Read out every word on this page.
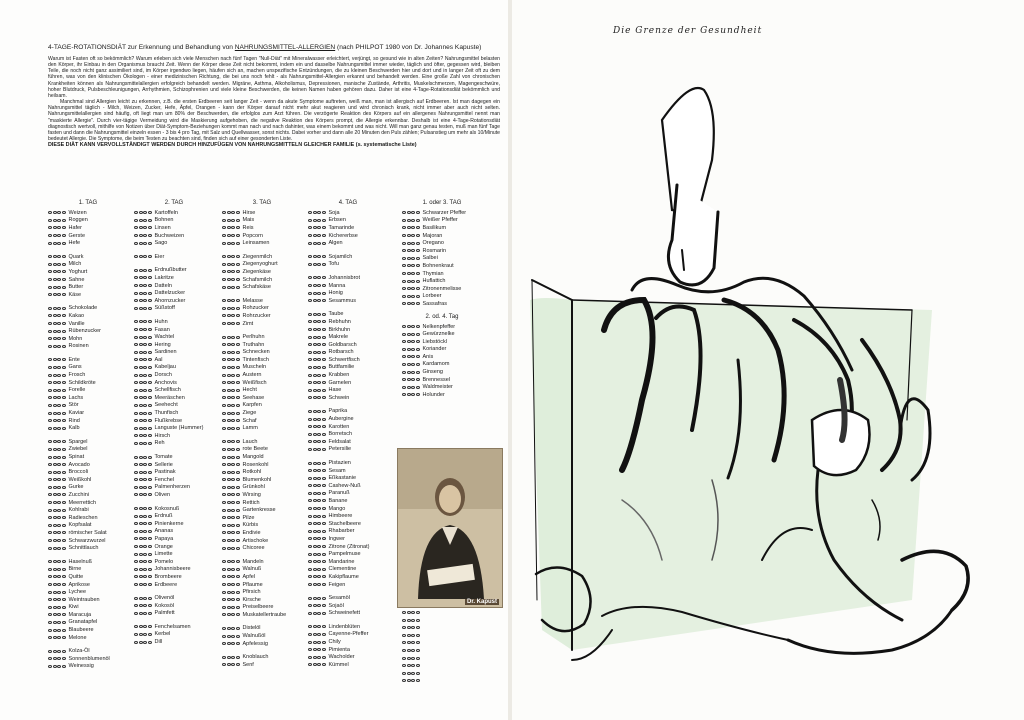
4-TAGE-ROTATIONSDIÄT zur Erkennung und Behandlung von NAHRUNGSMITTEL-ALLERGIEN (nach PHILPOT 1980 von Dr. Johannes Kapuste)

Warum ist Fasten oft so bekömmlich? Warum erleben sich viele Menschen nach fünf Tagen "Null-Diät" mit Mineralwasser erleichtert, verjüngt, so gesund wie in alten Zeiten? Nahrungsmittel belasten den Körper, ihr Einbau in den Organismus braucht Zeit. Wenn der Körper diese Zeit nicht bekommt, indem ein und dasselbe Nahrungsmittel immer wieder, täglich und öfter, gegessen wird, bleiben Teile, die noch nicht ganz assimiliert sind, im Körper irgendwo liegen, häufen sich an, machen unspezifische Entzündungen, die zu kleinen Beschwerden hier und dort und in langer Zeit oft zu dem führen, was von den klinischen Ökologen - einer medizinischen Richtung, die bei uns noch fehlt - als Nahrungsmittel-Allergien erkannt und behandelt werden. Eine große Zahl von chronischen Krankheiten können als Nahrungsmittelallergien erfolgreich behandelt werden. Migräne, Asthma, Alkoholismus, Depressionen, manische Zustände, Arthritis, Muskelschmerzen, Magengeschwüre, hoher Blutdruck, Pulsbeschleunigungen, Arrhythmien, Schizophrenien und viele kleine Beschwerden, die keinen Namen haben gehören dazu. Daher ist eine 4-Tage-Rotationsdiät bekömmlich und heilsam.

Manchmal sind Allergien leicht zu erkennen, z.B. die ersten Erdbeeren seit langer Zeit - wenn da akute Symptome auftreten, weiß man, man ist allergisch auf Erdbeeren. Ist man dagegen ein Nahrungsmittel täglich - Milch, Weizen, Zucker, Hefe, Äpfel, Orangen - kann der Körper darauf nicht mehr akut reagieren und wird chronisch krank, nicht immer aber auch nicht selten. Nahrungsmittelallergien sind häufig, oft liegt man um 80% der Beschwerden, die erfolglos zum Arzt führen. Die verzögerte Reaktion des Körpers auf ein allergenes Nahrungsmittel nennt man "maskierte Allergie". Durch vier-tägige Vermeidung wird die Maskierung aufgehoben, die negative Reaktion des Körpers prompt, die Allergie erkennbar. Deshalb ist eine 4-Tage-Rotationsdiät diagnostisch wertvoll, mithilfe von Notizen über Diät-Symptom-Beziehungen kommt man nach und nach dahinter, was einem bekommt und was nicht. Will man ganz genau testen, muß man fünf Tage fasten und dann die Nahrungsmittel einzeln essen - 3 bis 4 pro Tag, mit Salz und Quellwasser, sonst nichts. Dabei vorher und dann alle 20 Minuten den Puls zählen; Pulsanstieg um mehr als 10/Minute bedeutet Allergie. Die Symptome, die beim Testen zu beachten sind, finden sich auf einer gesonderten Liste.

DIESE DIÄT KANN VERVOLLSTÄNDIGT WERDEN DURCH HINZUFÜGEN VON NAHRUNGSMITTELN GLEICHER FAMILIE (s. systematische Liste)

1. TAG
Weizen
Roggen
Hafer
Gerste
Hefe
Quark
Milch
Yoghurt
Sahne
Butter
Käse
Schokolade
Kakao
Vanille
Rübenzucker
Mohn
Rosinen
Ente
Gans
Frosch
Schildkröte
Forelle
Lachs
Stör
Kaviar
Rind
Kalb
Spargel
Zwiebel
Spinat
Avocado
Broccoli
Weißkohl
Gurke
Zucchini
Meerrettich
Kohlrabi
Radieschen
Kopfsalat
römischer Salat
Schwarzwurzel
Schnittlauch
Haselnuß
Birne
Quitte
Aprikose
Lychee
Weintrauben
Kiwi
Maracuja
Granatapfel
Blaubeere
Melone
Kolza-Öl
Sonnenblumenöl
Weinessig
2. TAG
Kartoffeln
Bohnen
Linsen
Buchweizen
Sago
Eier
Erdnußbutter
Lakritze
Datteln
Dattelzucker
Ahornzucker
Süßstoff
Huhn
Fasan
Wachtel
Hering
Sardinen
Aal
Kabeljau
Dorsch
Anchovis
Schellfisch
Meeräschen
Seehecht
Thunfisch
Flußkrebse
Languste (Hummer)
Hirsch
Reh
Tomate
Sellerie
Pastinak
Fenchel
Palmenherzen
Oliven
Kokosnuß
Erdnuß
Pinienkerne
Ananas
Papaya
Orange
Limette
Pomelo
Johannisbeere
Brombeere
Erdbeere
Olivenöl
Kokosöl
Palmfett
Fenchelsamen
Kerbel
Dill
3. TAG
Hirse
Mais
Reis
Popcorn
Leinsamen
Ziegenmilch
Ziegenyoghurt
Ziegenkäse
Schafsmilch
Schafskäse
Melasse
Rohzucker
Rohrzucker
Zimt
Perlhuhn
Truthahn
Schnecken
Tintenfisch
Muscheln
Austern
Weißfisch
Hecht
Seehase
Karpfen
Ziege
Schaf
Lamm
Lauch
rote Beete
Mangold
Rosenkohl
Rotkohl
Blumenkohl
Grünkohl
Wirsing
Rettich
Gartenkresse
Pilze
Kürbis
Endivie
Artischoke
Chicoree
Mandeln
Walnuß
Apfel
Pflaume
Pfirsich
Kirsche
Preiselbeere
Muskatellertraube
Distelöl
Walnußöl
Apfelessig
Knoblauch
Senf
4. TAG
Soja
Erbsen
Tamarinde
Kichererbse
Algen
Sojamilch
Tofu
Johannisbrot
Manna
Honig
Sesammus
Taube
Rebhuhn
Birkhuhn
Makrele
Goldbarsch
Rotbarsch
Schwertfisch
Buttfamilie
Krabben
Garnelen
Hase
Schwein
Paprika
Aubergine
Karotten
Borretsch
Feldsalat
Petersilie
Pistazien
Sesam
Eßkastanie
Cashew-Nuß
Paranuß
Banane
Mango
Himbeere
Stachelbeere
Rhabarber
Ingwer
Zitrone (Zitronat)
Pampelmuse
Mandarine
Clementine
Kakipflaume
Feigen
Sesamöl
Sojaöl
Schweinefett
Lindenblüten
Cayenne-Pfeffer
Chily
Pimienta
Wacholder
Kümmel
1. oder 3. TAG
Schwarzer Pfeffer
Weißer Pfeffer
Basilikum
Majoran
Oregano
Rosmarin
Salbei
Bohnenkraut
Thymian
Huflattich
Zitronenmelisse
Lorbeer
Sassafras
2. od. 4. Tag
Nelkenpfeffer
Gewürznelke
Liebstöckl
Koriander
Anis
Kardamom
Ginseng
Brennessel
Waldmeister
Holunder
Dr. Kapust
Die Grenze der Gesundheit
